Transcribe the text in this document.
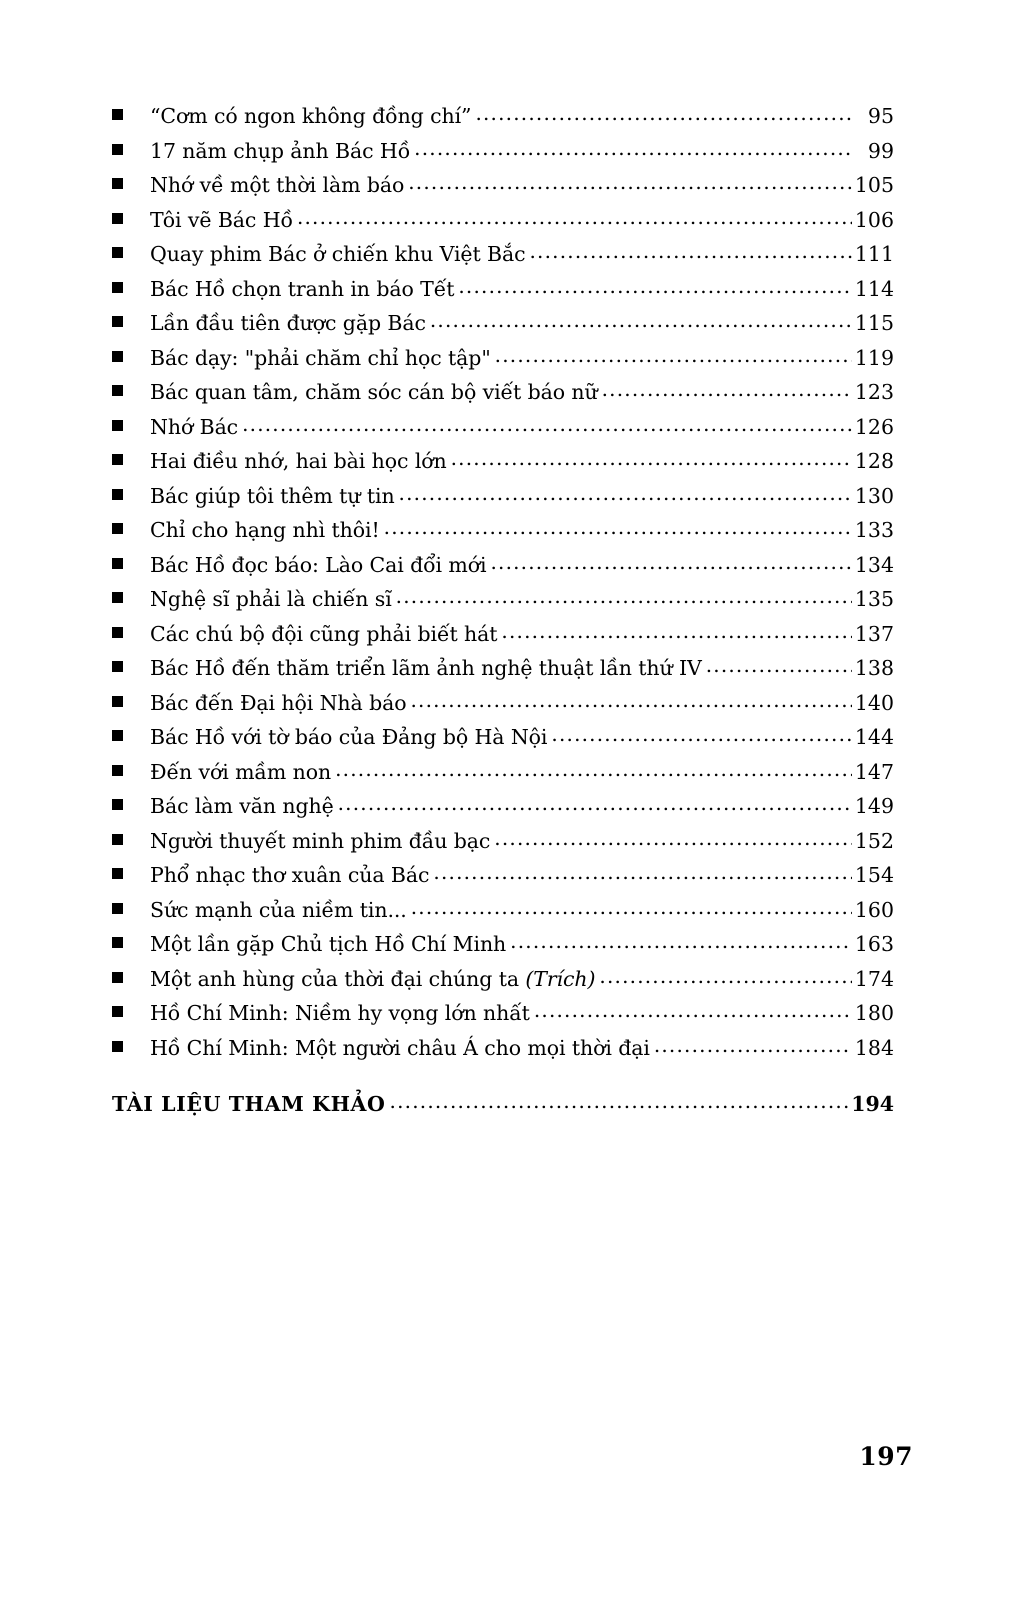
“Cơm có ngon không đồng chí” .....	95
17 năm chụp ảnh Bác Hồ .....	99
Nhớ về một thời làm báo .....	105
Tôi vẽ Bác Hồ .....	106
Quay phim Bác ở chiến khu Việt Bắc .....	111
Bác Hồ chọn tranh in báo Tết .....	114
Lần đầu tiên được gặp Bác .....	115
Bác dạy: "phải chăm chỉ học tập" .....	119
Bác quan tâm, chăm sóc cán bộ viết báo nữ .....	123
Nhớ Bác .....	126
Hai điều nhớ, hai bài học lớn .....	128
Bác giúp tôi thêm tự tin .....	130
Chỉ cho hạng nhì thôi! .....	133
Bác Hồ đọc báo: Lào Cai đổi mới .....	134
Nghệ sĩ phải là chiến sĩ .....	135
Các chú bộ đội cũng phải biết hát .....	137
Bác Hồ đến thăm triển lãm ảnh nghệ thuật lần thứ IV .....	138
Bác đến Đại hội Nhà báo .....	140
Bác Hồ với tờ báo của Đảng bộ Hà Nội .....	144
Đến với mầm non .....	147
Bác làm văn nghệ .....	149
Người thuyết minh phim đầu bạc .....	152
Phổ nhạc thơ xuân của Bác .....	154
Sức mạnh của niềm tin... .....	160
Một lần gặp Chủ tịch Hồ Chí Minh .....	163
Một anh hùng của thời đại chúng ta (Trích) .....	174
Hồ Chí Minh: Niềm hy vọng lớn nhất .....	180
Hồ Chí Minh: Một người châu Á cho mọi thời đại .....	184
TÀI LIỆU THAM KHẢO .....	194
197
